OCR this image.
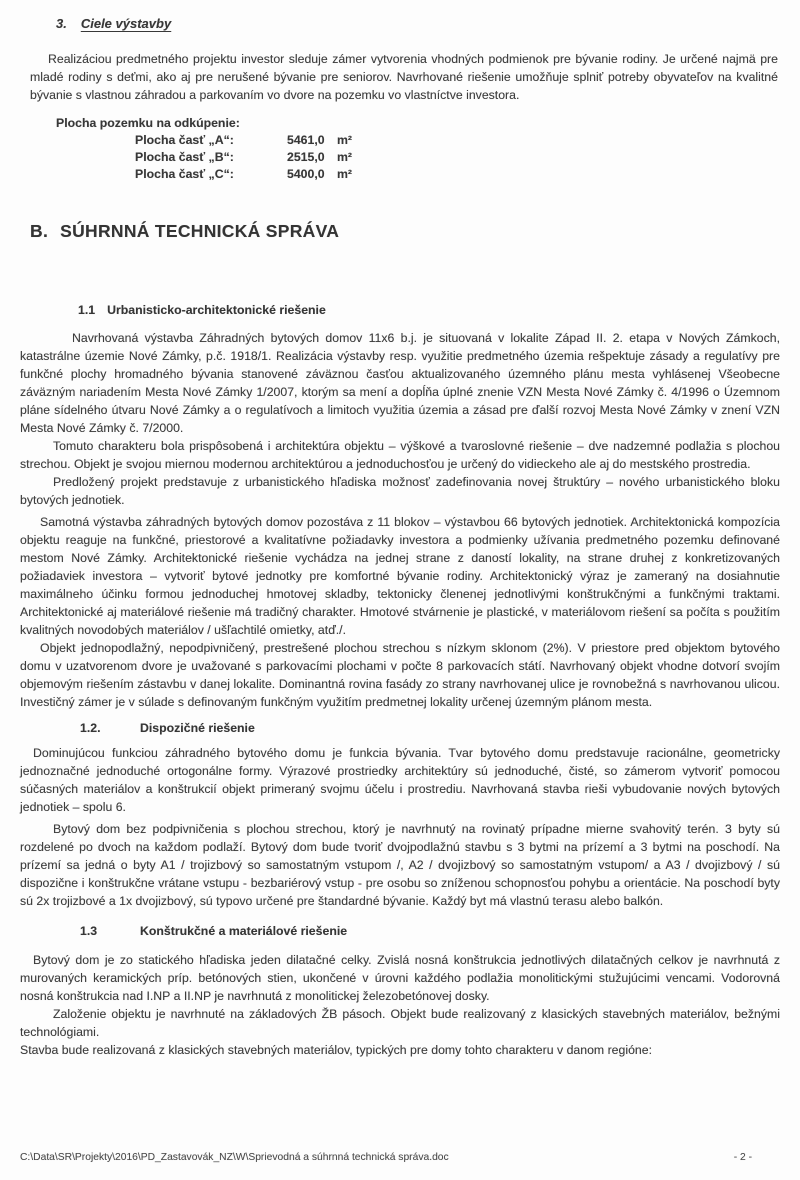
3. Ciele výstavby

Realizáciou predmetného projektu investor sleduje zámer vytvorenia vhodných podmienok pre bývanie rodiny. Je určené najmä pre mladé rodiny s deťmi, ako aj pre nerušené bývanie pre seniorov. Navrhované riešenie umožňuje splniť potreby obyvateľov na kvalitné bývanie s vlastnou záhradou a parkovaním vo dvore na pozemku vo vlastníctve investora.

Plocha pozemku na odkúpenie:
Plocha časť „A“:	5461,0	m²
Plocha časť „B“:	2515,0	m²
Plocha časť „C“:	5400,0	m²
B. SÚHRNNÁ TECHNICKÁ SPRÁVA
1.1 Urbanisticko-architektonické riešenie

Navrhovaná výstavba Záhradných bytových domov 11x6 b.j. je situovaná v lokalite Západ II. 2. etapa v Nových Zámkoch, katastrálne územie Nové Zámky, p.č. 1918/1. Realizácia výstavby resp. využitie predmetného územia rešpektuje zásady a regulatívy pre funkčné plochy hromadného bývania stanovené záväznou časťou aktualizovaného územného plánu mesta vyhlásenej Všeobecne záväzným nariadením Mesta Nové Zámky 1/2007, ktorým sa mení a dopĺňa úplné znenie VZN Mesta Nové Zámky č. 4/1996 o Územnom pláne sídelného útvaru Nové Zámky a o regulatívoch a limitoch využitia územia a zásad pre ďalší rozvoj Mesta Nové Zámky v znení VZN Mesta Nové Zámky č. 7/2000.

Tomuto charakteru bola prispôsobená i architektúra objektu – výškové a tvaroslovné riešenie – dve nadzemné podlažia s plochou strechou. Objekt je svojou miernou modernou architektúrou a jednoduchosťou je určený do vidieckeho ale aj do mestského prostredia.

Predložený projekt predstavuje z urbanistického hľadiska možnosť zadefinovania novej štruktúry – nového urbanistického bloku bytových jednotiek.

Samotná výstavba záhradných bytových domov pozostáva z 11 blokov – výstavbou 66 bytových jednotiek. Architektonická kompozícia objektu reaguje na funkčné, priestorové a kvalitatívne požiadavky investora a podmienky užívania predmetného pozemku definované mestom Nové Zámky. Architektonické riešenie vychádza na jednej strane z daností lokality, na strane druhej z konkretizovaných požiadaviek investora – vytvoriť bytové jednotky pre komfortné bývanie rodiny. Architektonický výraz je zameraný na dosiahnutie maximálneho účinku formou jednoduchej hmotovej skladby, tektonicky členenej jednotlivými konštrukčnými a funkčnými traktami. Architektonické aj materiálové riešenie má tradičný charakter. Hmotové stvárnenie je plastické, v materiálovom riešení sa počíta s použitím kvalitných novodobých materiálov / ušľachtilé omietky, atď./.

Objekt jednopodlažný, nepodpivničený, prestrešené plochou strechou s nízkym sklonom (2%). V priestore pred objektom bytového domu v uzatvorenom dvore je uvažované s parkovacími plochami v počte 8 parkovacích státí. Navrhovaný objekt vhodne dotvorí svojím objemovým riešením zástavbu v danej lokalite. Dominantná rovina fasády zo strany navrhovanej ulice je rovnobežná s navrhovanou ulicou. Investičný zámer je v súlade s definovaným funkčným využitím predmetnej lokality určenej územným plánom mesta.

1.2.	Dispozičné riešenie

Dominujúcou funkciou záhradného bytového domu je funkcia bývania. Tvar bytového domu predstavuje racionálne, geometricky jednoznačné jednoduché ortogonálne formy. Výrazové prostriedky architektúry sú jednoduché, čisté, so zámerom vytvoriť pomocou súčasných materiálov a konštrukcií objekt primeraný svojmu účelu i prostrediu. Navrhovaná stavba rieši vybudovanie nových bytových jednotiek – spolu 6.

Bytový dom bez podpivničenia s plochou strechou, ktorý je navrhnutý na rovinatý prípadne mierne svahovitý terén. 3 byty sú rozdelené po dvoch na každom podlaží. Bytový dom bude tvoriť dvojpodlažnú stavbu s 3 bytmi na prízemí a 3 bytmi na poschodí. Na prízemí sa jedná o byty A1 / trojizbový so samostatným vstupom /, A2 / dvojizbový so samostatným vstupom/ a A3 / dvojizbový / sú dispozične i konštrukčne vrátane vstupu - bezbariérový vstup - pre osobu so zníženou schopnosťou pohybu a orientácie. Na poschodí byty sú 2x trojizbové a 1x dvojizbový, sú typovo určené pre štandardné bývanie. Každý byt má vlastnú terasu alebo balkón.

1.3	Konštrukčné a materiálové riešenie

Bytový dom je zo statického hľadiska jeden dilatačné celky. Zvislá nosná konštrukcia jednotlivých dilatačných celkov je navrhnutá z murovaných keramických príp. betónových stien, ukončené v úrovni každého podlažia monolitickými stužujúcimi vencami. Vodorovná nosná konštrukcia nad I.NP a II.NP je navrhnutá z monolitickej železobetónovej dosky.

Založenie objektu je navrhnuté na základových ŽB pásoch. Objekt bude realizovaný z klasických stavebných materiálov, bežnými technológiami.

Stavba bude realizovaná z klasických stavebných materiálov, typických pre domy tohto charakteru v danom regióne:

C:\Data\SR\Projekty\2016\PD_Zastavovák_NZ\W\Sprievodná a súhrnná technická správa.doc	- 2 -
